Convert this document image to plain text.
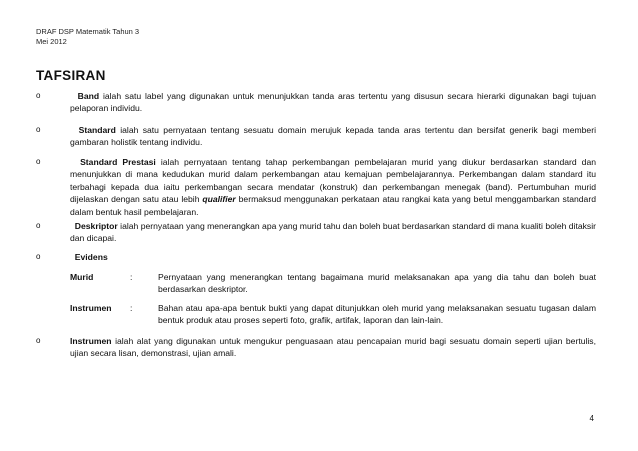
DRAF DSP Matematik Tahun 3
Mei 2012
TAFSIRAN
o	Band ialah satu label yang digunakan untuk menunjukkan tanda aras tertentu yang disusun secara hierarki digunakan bagi tujuan pelaporan individu.
o	Standard ialah satu pernyataan tentang sesuatu domain merujuk kepada tanda aras tertentu dan bersifat generik bagi memberi gambaran holistik tentang individu.
o	Standard Prestasi ialah pernyataan tentang tahap perkembangan pembelajaran murid yang diukur berdasarkan standard dan menunjukkan di mana kedudukan murid dalam perkembangan atau kemajuan pembelajarannya. Perkembangan dalam standard itu terbahagi kepada dua iaitu perkembangan secara mendatar (konstruk) dan perkembangan menegak (band). Pertumbuhan murid dijelaskan dengan satu atau lebih qualifier bermaksud menggunakan perkataan atau rangkai kata yang betul menggambarkan standard dalam bentuk hasil pembelajaran.
o	Deskriptor ialah pernyataan yang menerangkan apa yang murid tahu dan boleh buat berdasarkan standard di mana kualiti boleh ditaksir dan dicapai.
o	Evidens
Murid	:	Pernyataan yang menerangkan tentang bagaimana murid melaksanakan apa yang dia tahu dan boleh buat berdasarkan deskriptor.
Instrumen :	Bahan atau apa-apa bentuk bukti yang dapat ditunjukkan oleh murid yang melaksanakan sesuatu tugasan dalam bentuk produk atau proses seperti foto, grafik, artifak, laporan dan lain-lain.
o	Instrumen ialah alat yang digunakan untuk mengukur penguasaan atau pencapaian murid bagi sesuatu domain seperti ujian bertulis, ujian secara lisan, demonstrasi, ujian amali.
4
